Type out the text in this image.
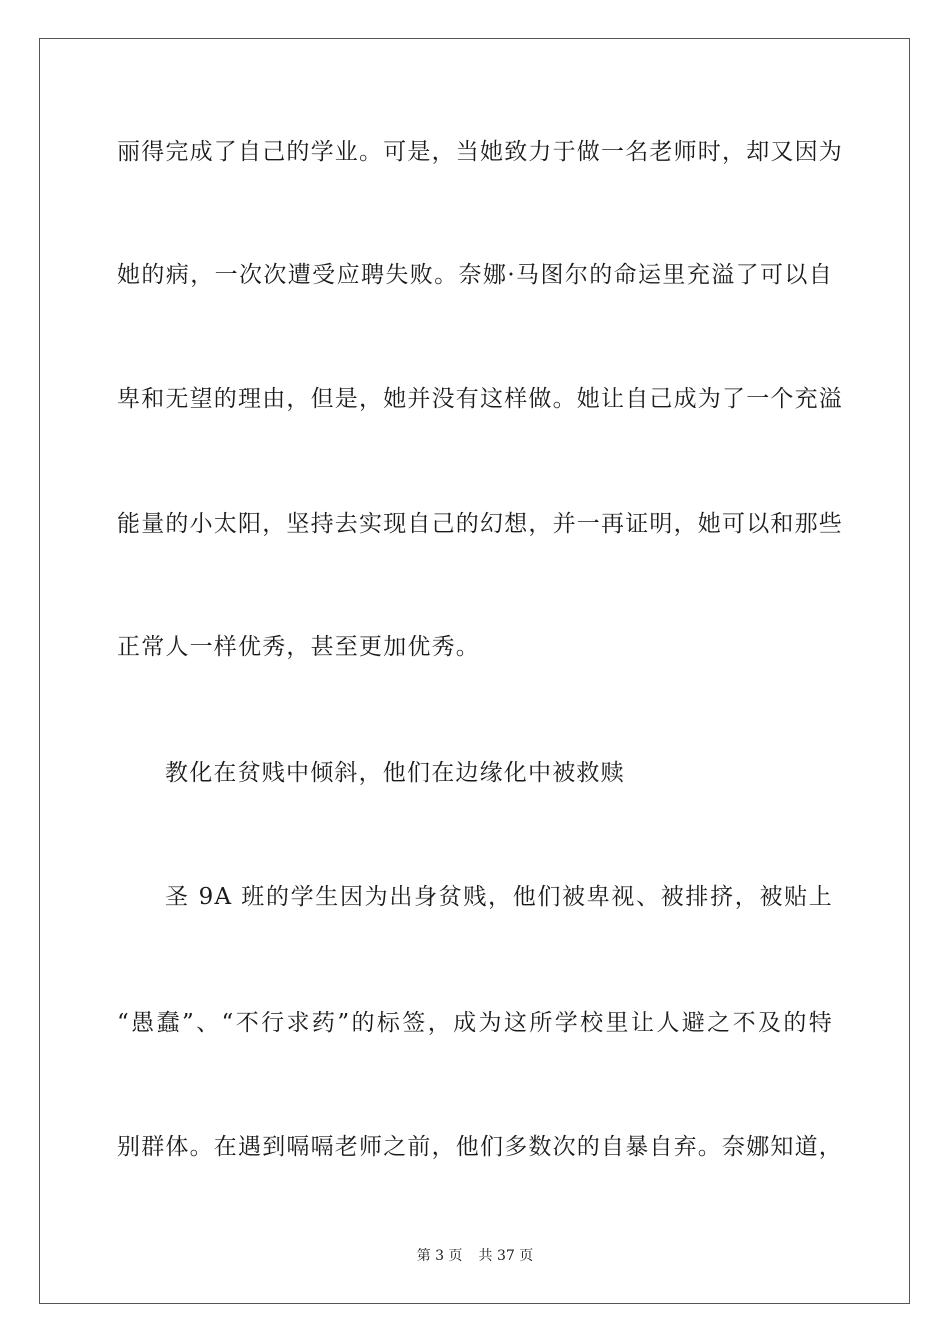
丽得完成了自己的学业。可是，当她致力于做一名老师时，却又因为
她的病，一次次遭受应聘失败。奈娜·马图尔的命运里充溢了可以自
卑和无望的理由，但是，她并没有这样做。她让自己成为了一个充溢
能量的小太阳，坚持去实现自己的幻想，并一再证明，她可以和那些
正常人一样优秀，甚至更加优秀。
教化在贫贱中倾斜，他们在边缘化中被救赎
圣 9A 班的学生因为出身贫贱，他们被卑视、被排挤，被贴上
“愚蠢”、“不行求药”的标签，成为这所学校里让人避之不及的特
别群体。在遇到嗝嗝老师之前，他们多数次的自暴自弃。奈娜知道，
第 3 页 共 37 页
